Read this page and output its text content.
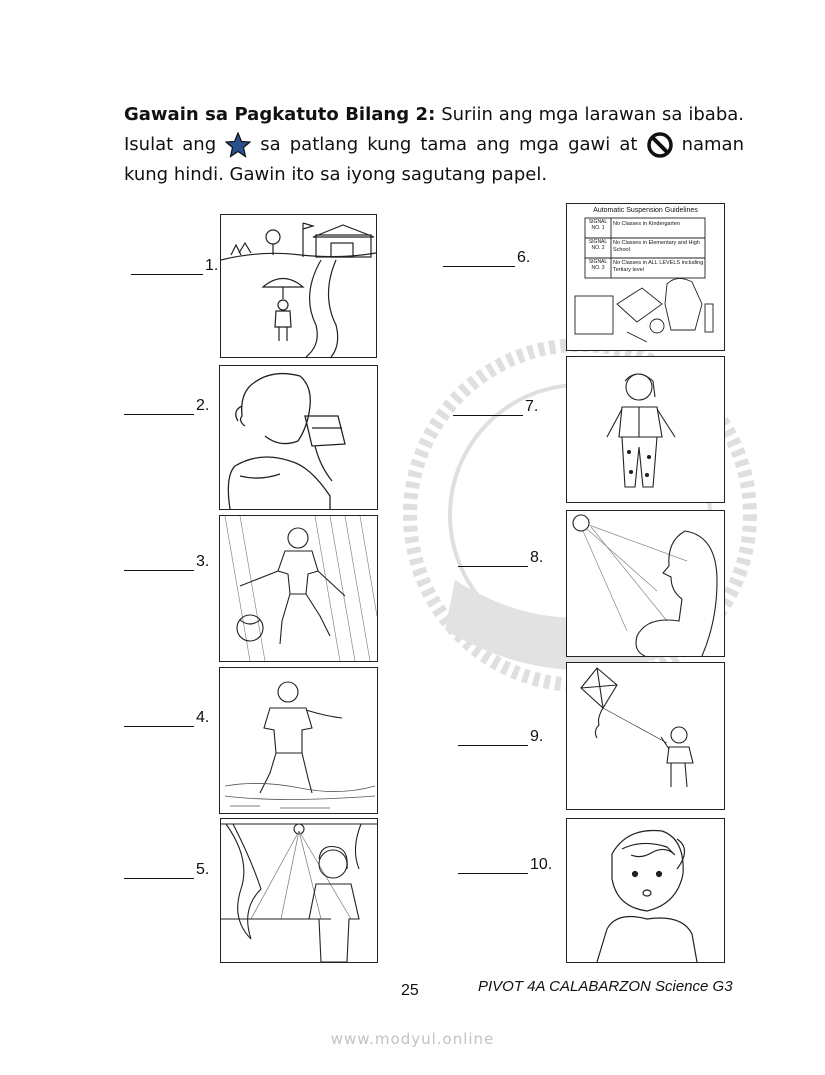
Gawain sa Pagkatuto Bilang 2: Suriin ang mga larawan sa ibaba. Isulat ang sa patlang kung tama ang mga gawi at naman kung hindi. Gawin ito sa iyong sagutang papel.
1.
2.
3.
4.
5.
6.
7.
8.
9.
10.
Automatic Suspension Guidelines
SIGNAL NO. 1
No Classes in Kindergarten
SIGNAL NO. 2
No Classes in Elementary and High School
SIGNAL NO. 3
No Classes in ALL LEVELS including Tertiary level
25	PIVOT 4A CALABARZON Science G3
www.modyul.online
